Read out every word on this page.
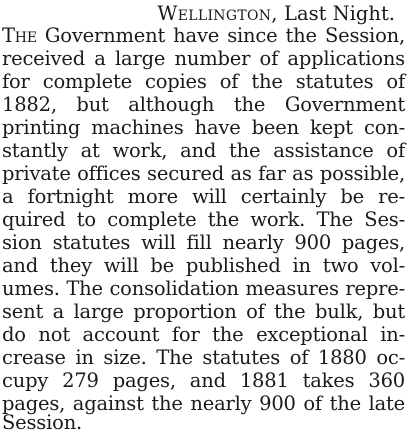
Wellington, Last Night.
The Government have since the Session,
received a large number of applications
for complete copies of the statutes of
1882, but although the Government
printing machines have been kept con-
stantly at work, and the assistance of
private offices secured as far as possible,
a fortnight more will certainly be re-
quired to complete the work. The Ses-
sion statutes will fill nearly 900 pages,
and they will be published in two vol-
umes. The consolidation measures repre-
sent a large proportion of the bulk, but
do not account for the exceptional in-
crease in size. The statutes of 1880 oc-
cupy 279 pages, and 1881 takes 360
pages, against the nearly 900 of the late
Session.
